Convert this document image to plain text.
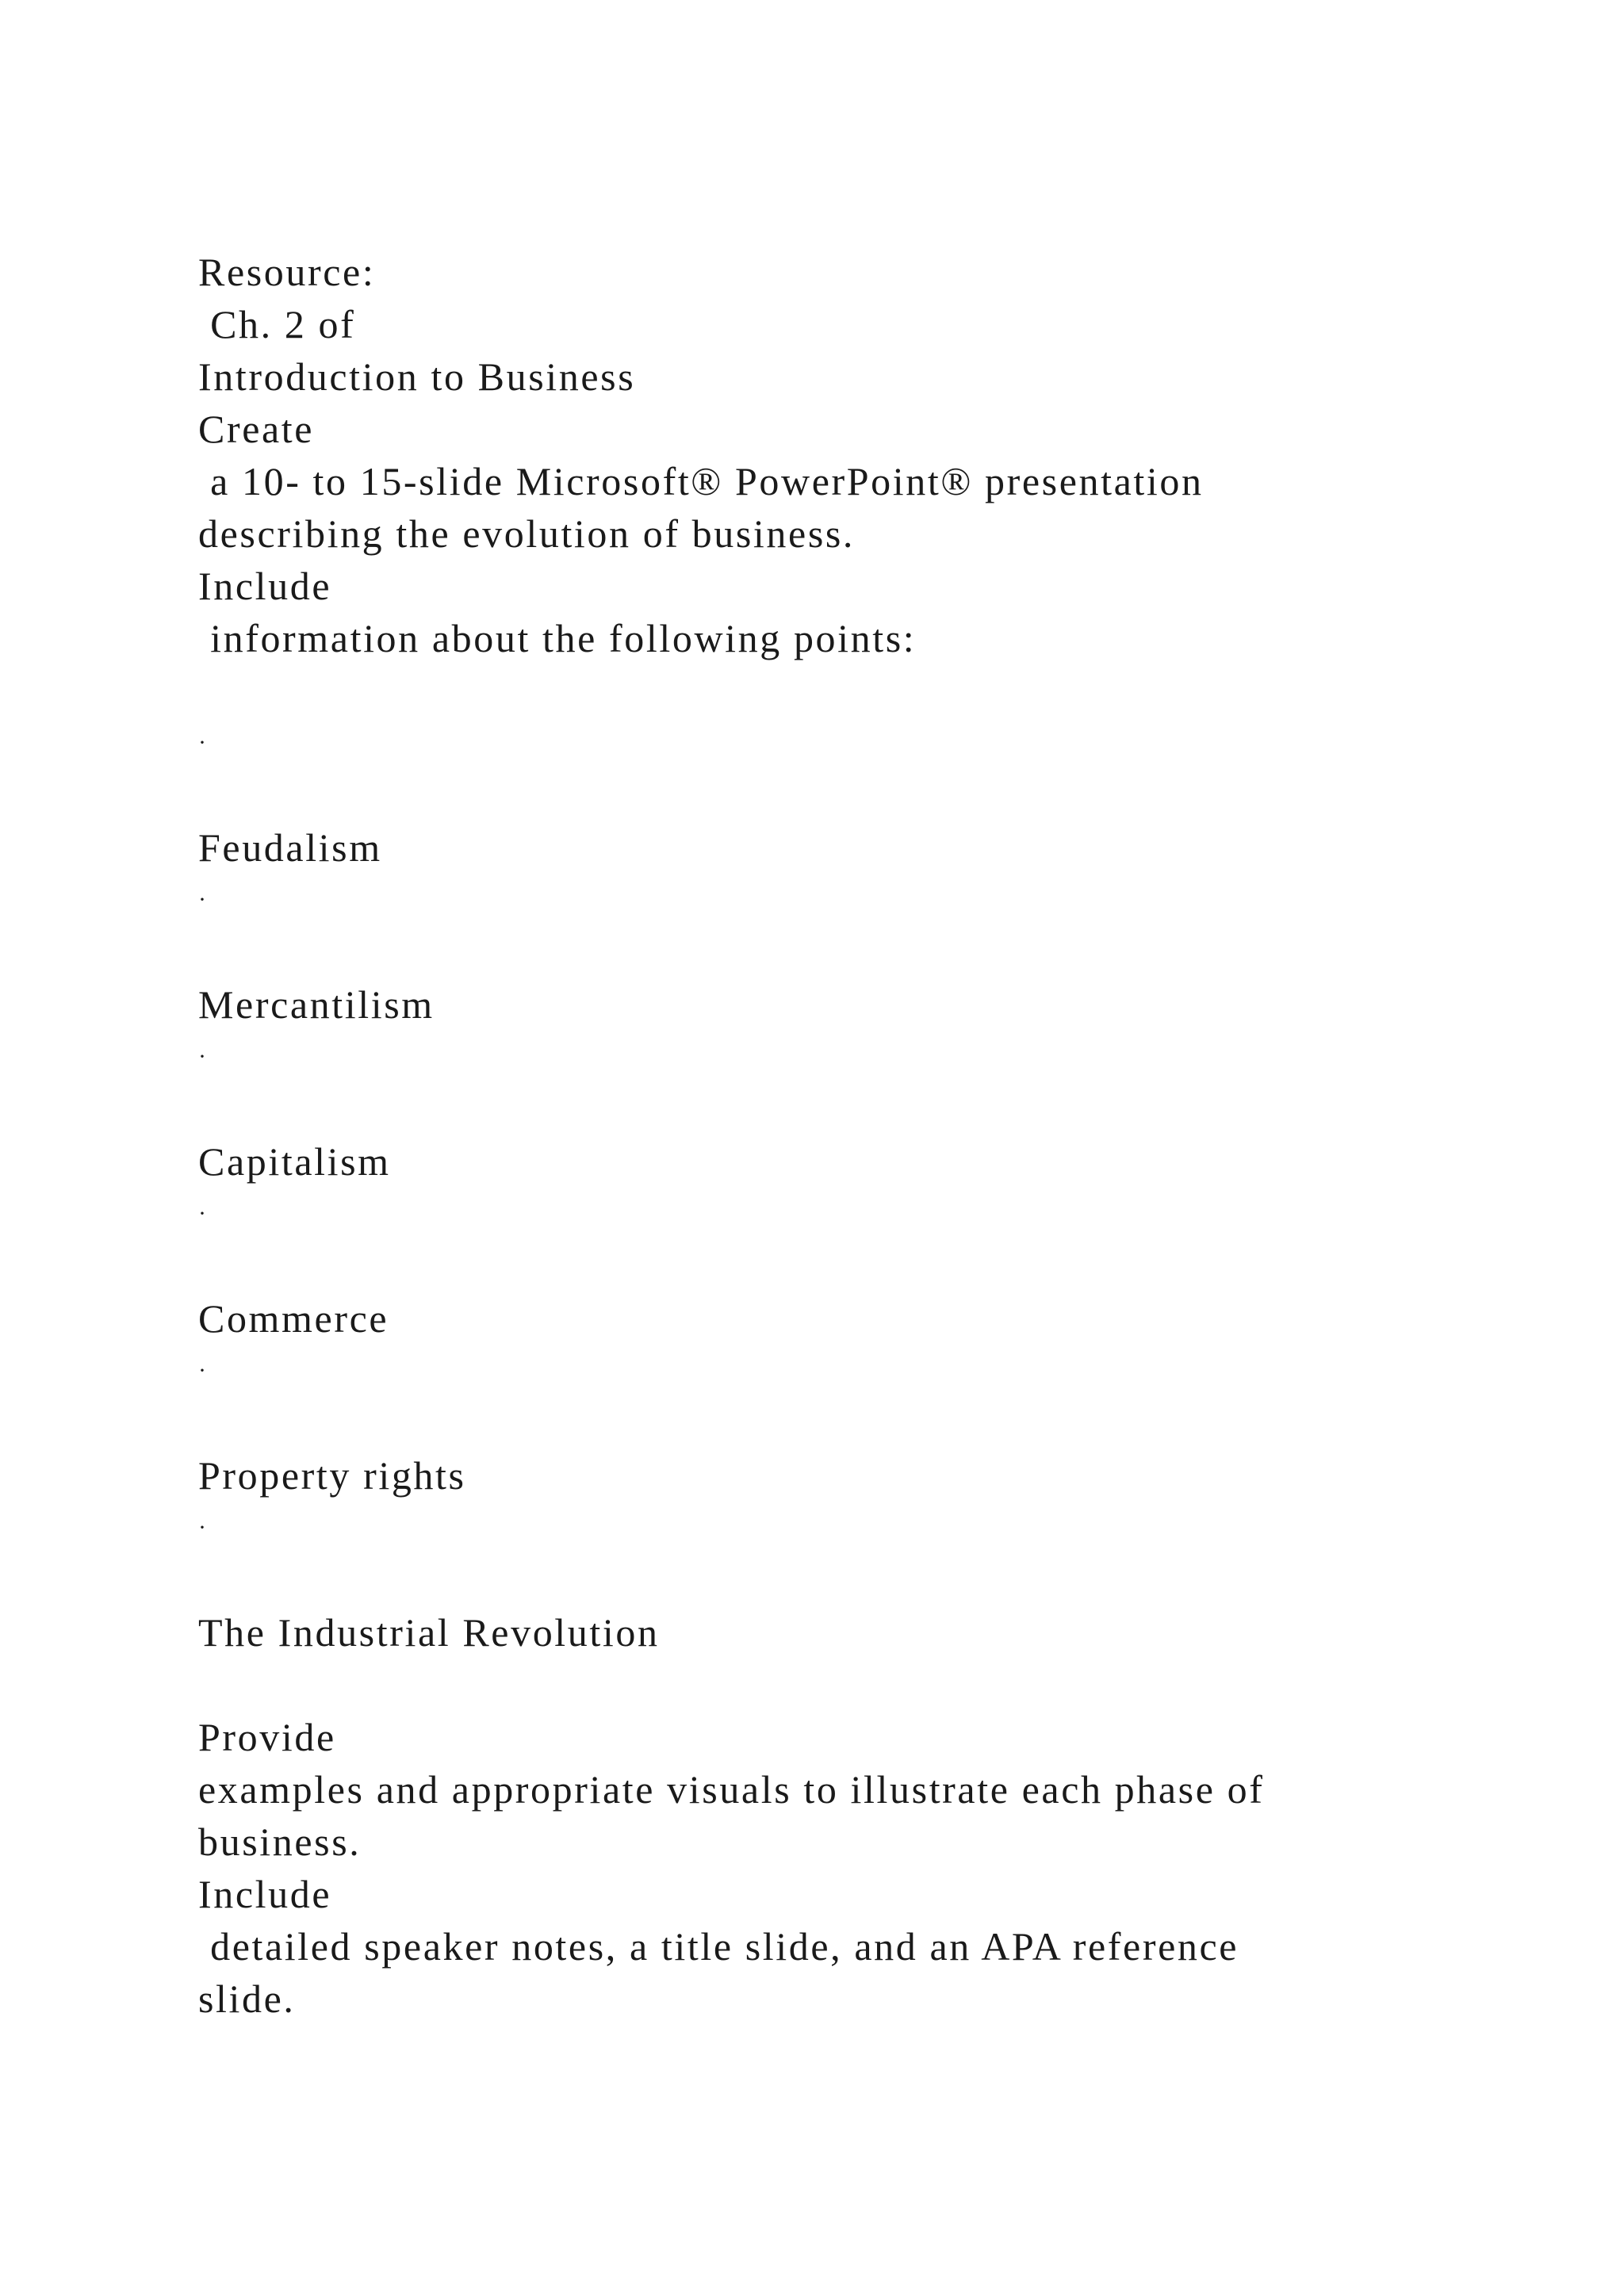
Resource:
Ch. 2 of
Introduction to Business
Create
a 10- to 15-slide Microsoft® PowerPoint® presentation
describing the evolution of business.
Include
information about the following points:
·
Feudalism
·
Mercantilism
·
Capitalism
·
Commerce
·
Property rights
·
The Industrial Revolution
Provide
examples and appropriate visuals to illustrate each phase of
business.
Include
detailed speaker notes, a title slide, and an APA reference
slide.
